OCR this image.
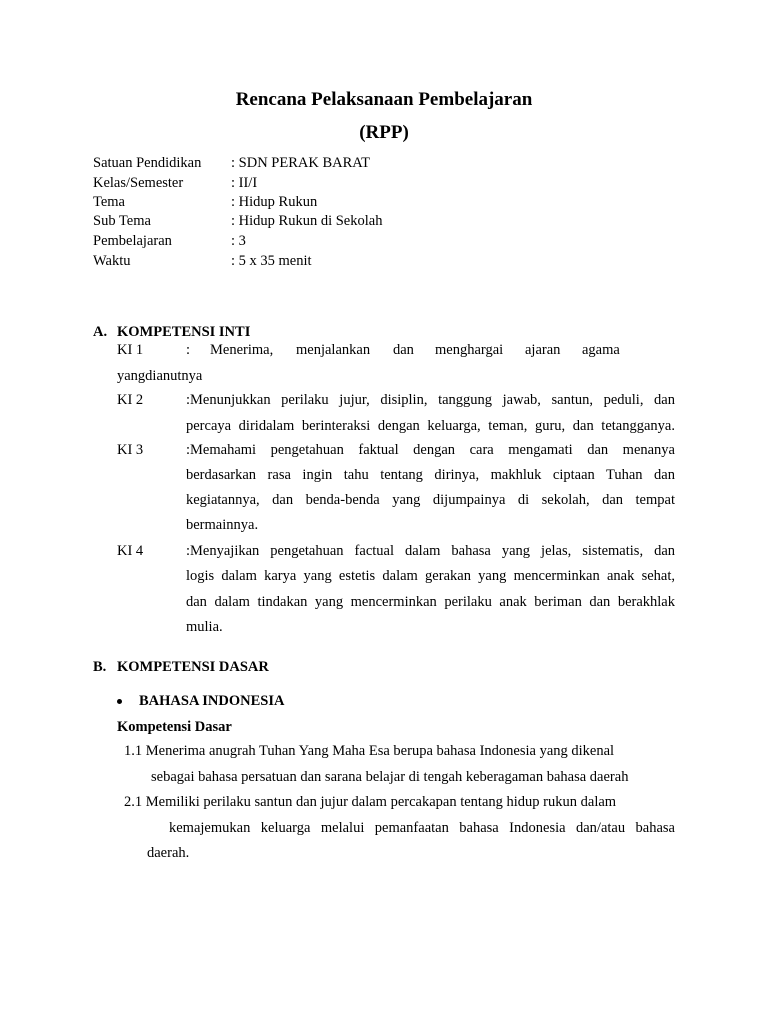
Rencana Pelaksanaan Pembelajaran
(RPP)
Satuan Pendidikan : SDN PERAK BARAT
Kelas/Semester	: II/I
Tema	: Hidup Rukun
Sub Tema	: Hidup Rukun di Sekolah
Pembelajaran	: 3
Waktu	: 5 x 35 menit
A. KOMPETENSI INTI
KI 1	: Menerima, menjalankan dan menghargai ajaran agama
yangdianutnya
KI 2	:Menunjukkan perilaku jujur, disiplin, tanggung jawab, santun, peduli, dan
percaya diridalam berinteraksi dengan keluarga, teman, guru, dan tetangganya.
KI 3	:Memahami pengetahuan faktual dengan cara mengamati dan menanya
berdasarkan rasa ingin tahu tentang dirinya, makhluk ciptaan Tuhan dan
kegiatannya, dan benda-benda yang dijumpainya di sekolah, dan tempat
bermainnya.
KI 4	:Menyajikan pengetahuan factual dalam bahasa yang jelas, sistematis, dan
logis dalam karya yang estetis dalam gerakan yang mencerminkan anak sehat,
dan dalam tindakan yang mencerminkan perilaku anak beriman dan berakhlak
mulia.
B. KOMPETENSI DASAR
BAHASA INDONESIA
Kompetensi Dasar
1.1 Menerima anugrah Tuhan Yang Maha Esa berupa bahasa Indonesia yang dikenal
sebagai bahasa persatuan dan sarana belajar di tengah keberagaman bahasa daerah
2.1 Memiliki perilaku santun dan jujur dalam percakapan tentang hidup rukun dalam
kemajemukan keluarga melalui pemanfaatan bahasa Indonesia dan/atau bahasa
daerah.
